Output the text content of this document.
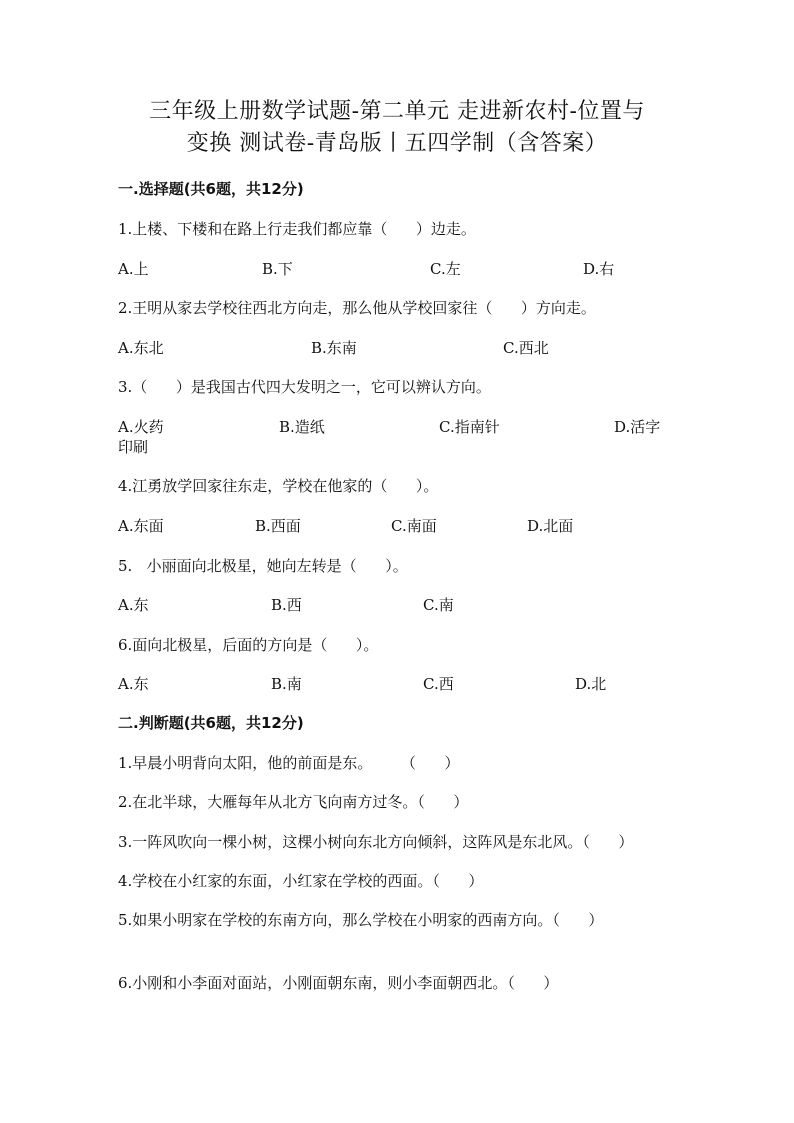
三年级上册数学试题-第二单元 走进新农村-位置与
变换 测试卷-青岛版丨五四学制（含答案）
一.选择题(共6题，共12分)
1.上楼、下楼和在路上行走我们都应靠（      ）边走。
A.上	B.下	C.左	D.右
2.王明从家去学校往西北方向走，那么他从学校回家往（      ）方向走。
A.东北	B.东南	C.西北
3.（      ）是我国古代四大发明之一，它可以辨认方向。
A.火药	B.造纸	C.指南针	D.活字
印刷
4.江勇放学回家往东走，学校在他家的（      ）。
A.东面	B.西面	C.南面	D.北面
5.   小丽面向北极星，她向左转是（      ）。
A.东	B.西	C.南
6.面向北极星，后面的方向是（      ）。
A.东	B.南	C.西	D.北
二.判断题(共6题，共12分)
1.早晨小明背向太阳，他的前面是东。      （      ）
2.在北半球，大雁每年从北方飞向南方过冬。（      ）
3.一阵风吹向一棵小树，这棵小树向东北方向倾斜，这阵风是东北风。（      ）
4.学校在小红家的东面，小红家在学校的西面。（      ）
5.如果小明家在学校的东南方向，那么学校在小明家的西南方向。（      ）
6.小刚和小李面对面站，小刚面朝东南，则小李面朝西北。（      ）
